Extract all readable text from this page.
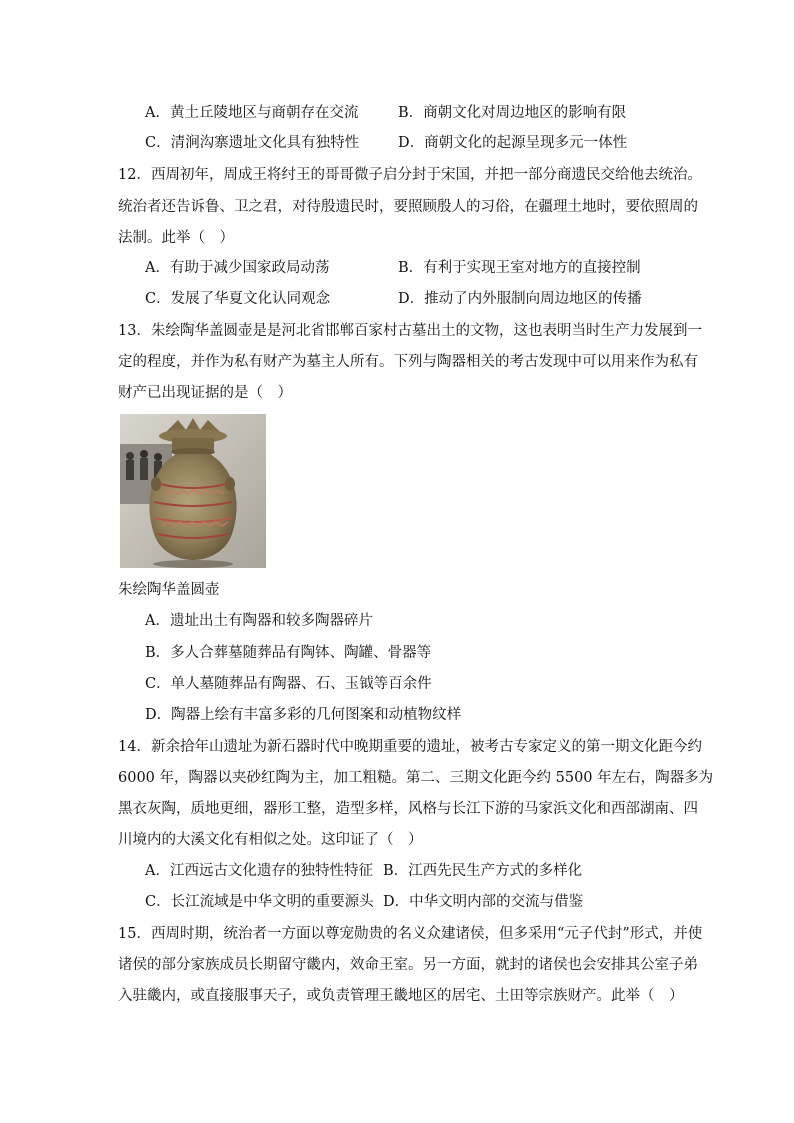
A．黄土丘陵地区与商朝存在交流	B．商朝文化对周边地区的影响有限
C．清涧沟寨遗址文化具有独特性	D．商朝文化的起源呈现多元一体性
12．西周初年，周成王将纣王的哥哥微子启分封于宋国，并把一部分商遗民交给他去统治。
统治者还告诉鲁、卫之君，对待殷遗民时，要照顾殷人的习俗，在疆理土地时，要依照周的
法制。此举（　）
A．有助于减少国家政局动荡	B．有利于实现王室对地方的直接控制
C．发展了华夏文化认同观念	D．推动了内外服制向周边地区的传播
13．朱绘陶华盖圆壶是是河北省邯郸百家村古墓出土的文物，这也表明当时生产力发展到一
定的程度，并作为私有财产为墓主人所有。下列与陶器相关的考古发现中可以用来作为私有
财产已出现证据的是（　）
朱绘陶华盖圆壶
A．遗址出土有陶器和较多陶器碎片
B．多人合葬墓随葬品有陶钵、陶罐、骨器等
C．单人墓随葬品有陶器、石、玉钺等百余件
D．陶器上绘有丰富多彩的几何图案和动植物纹样
14．新余拾年山遗址为新石器时代中晚期重要的遗址，被考古专家定义的第一期文化距今约
6000 年，陶器以夹砂红陶为主，加工粗糙。第二、三期文化距今约 5500 年左右，陶器多为
黑衣灰陶，质地更细，器形工整，造型多样，风格与长江下游的马家浜文化和西部湖南、四
川境内的大溪文化有相似之处。这印证了（　）
A．江西远古文化遗存的独特性特征 B．江西先民生产方式的多样化
C．长江流域是中华文明的重要源头 D．中华文明内部的交流与借鉴
15．西周时期，统治者一方面以尊宠勋贵的名义众建诸侯，但多采用“元子代封”形式，并使
诸侯的部分家族成员长期留守畿内，效命王室。另一方面，就封的诸侯也会安排其公室子弟
入驻畿内，或直接服事天子，或负责管理王畿地区的居宅、土田等宗族财产。此举（　）
